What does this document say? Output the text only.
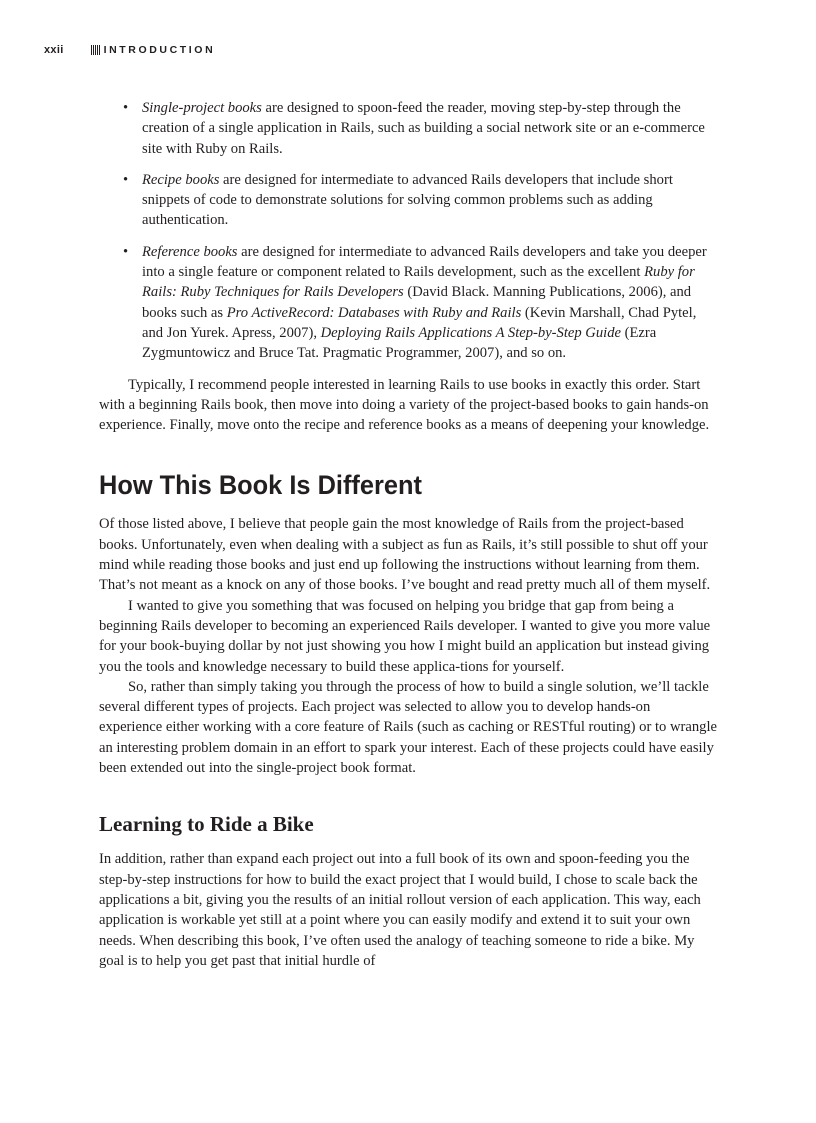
xxii	INTRODUCTION
• Single-project books are designed to spoon-feed the reader, moving step-by-step through the creation of a single application in Rails, such as building a social network site or an e-commerce site with Ruby on Rails.
• Recipe books are designed for intermediate to advanced Rails developers that include short snippets of code to demonstrate solutions for solving common problems such as adding authentication.
• Reference books are designed for intermediate to advanced Rails developers and take you deeper into a single feature or component related to Rails development, such as the excellent Ruby for Rails: Ruby Techniques for Rails Developers (David Black. Manning Publications, 2006), and books such as Pro ActiveRecord: Databases with Ruby and Rails (Kevin Marshall, Chad Pytel, and Jon Yurek. Apress, 2007), Deploying Rails Applications A Step-by-Step Guide (Ezra Zygmuntowicz and Bruce Tat. Pragmatic Programmer, 2007), and so on.

Typically, I recommend people interested in learning Rails to use books in exactly this order. Start with a beginning Rails book, then move into doing a variety of the project-based books to gain hands-on experience. Finally, move onto the recipe and reference books as a means of deepening your knowledge.

How This Book Is Different

Of those listed above, I believe that people gain the most knowledge of Rails from the project-based books. Unfortunately, even when dealing with a subject as fun as Rails, it’s still possible to shut off your mind while reading those books and just end up following the instructions without learning from them. That’s not meant as a knock on any of those books. I’ve bought and read pretty much all of them myself.

I wanted to give you something that was focused on helping you bridge that gap from being a beginning Rails developer to becoming an experienced Rails developer. I wanted to give you more value for your book-buying dollar by not just showing you how I might build an application but instead giving you the tools and knowledge necessary to build these applica-tions for yourself.

So, rather than simply taking you through the process of how to build a single solution, we’ll tackle several different types of projects. Each project was selected to allow you to develop hands-on experience either working with a core feature of Rails (such as caching or RESTful routing) or to wrangle an interesting problem domain in an effort to spark your interest. Each of these projects could have easily been extended out into the single-project book format.

Learning to Ride a Bike

In addition, rather than expand each project out into a full book of its own and spoon-feeding you the step-by-step instructions for how to build the exact project that I would build, I chose to scale back the applications a bit, giving you the results of an initial rollout version of each application. This way, each application is workable yet still at a point where you can easily modify and extend it to suit your own needs. When describing this book, I’ve often used the analogy of teaching someone to ride a bike. My goal is to help you get past that initial hurdle of
